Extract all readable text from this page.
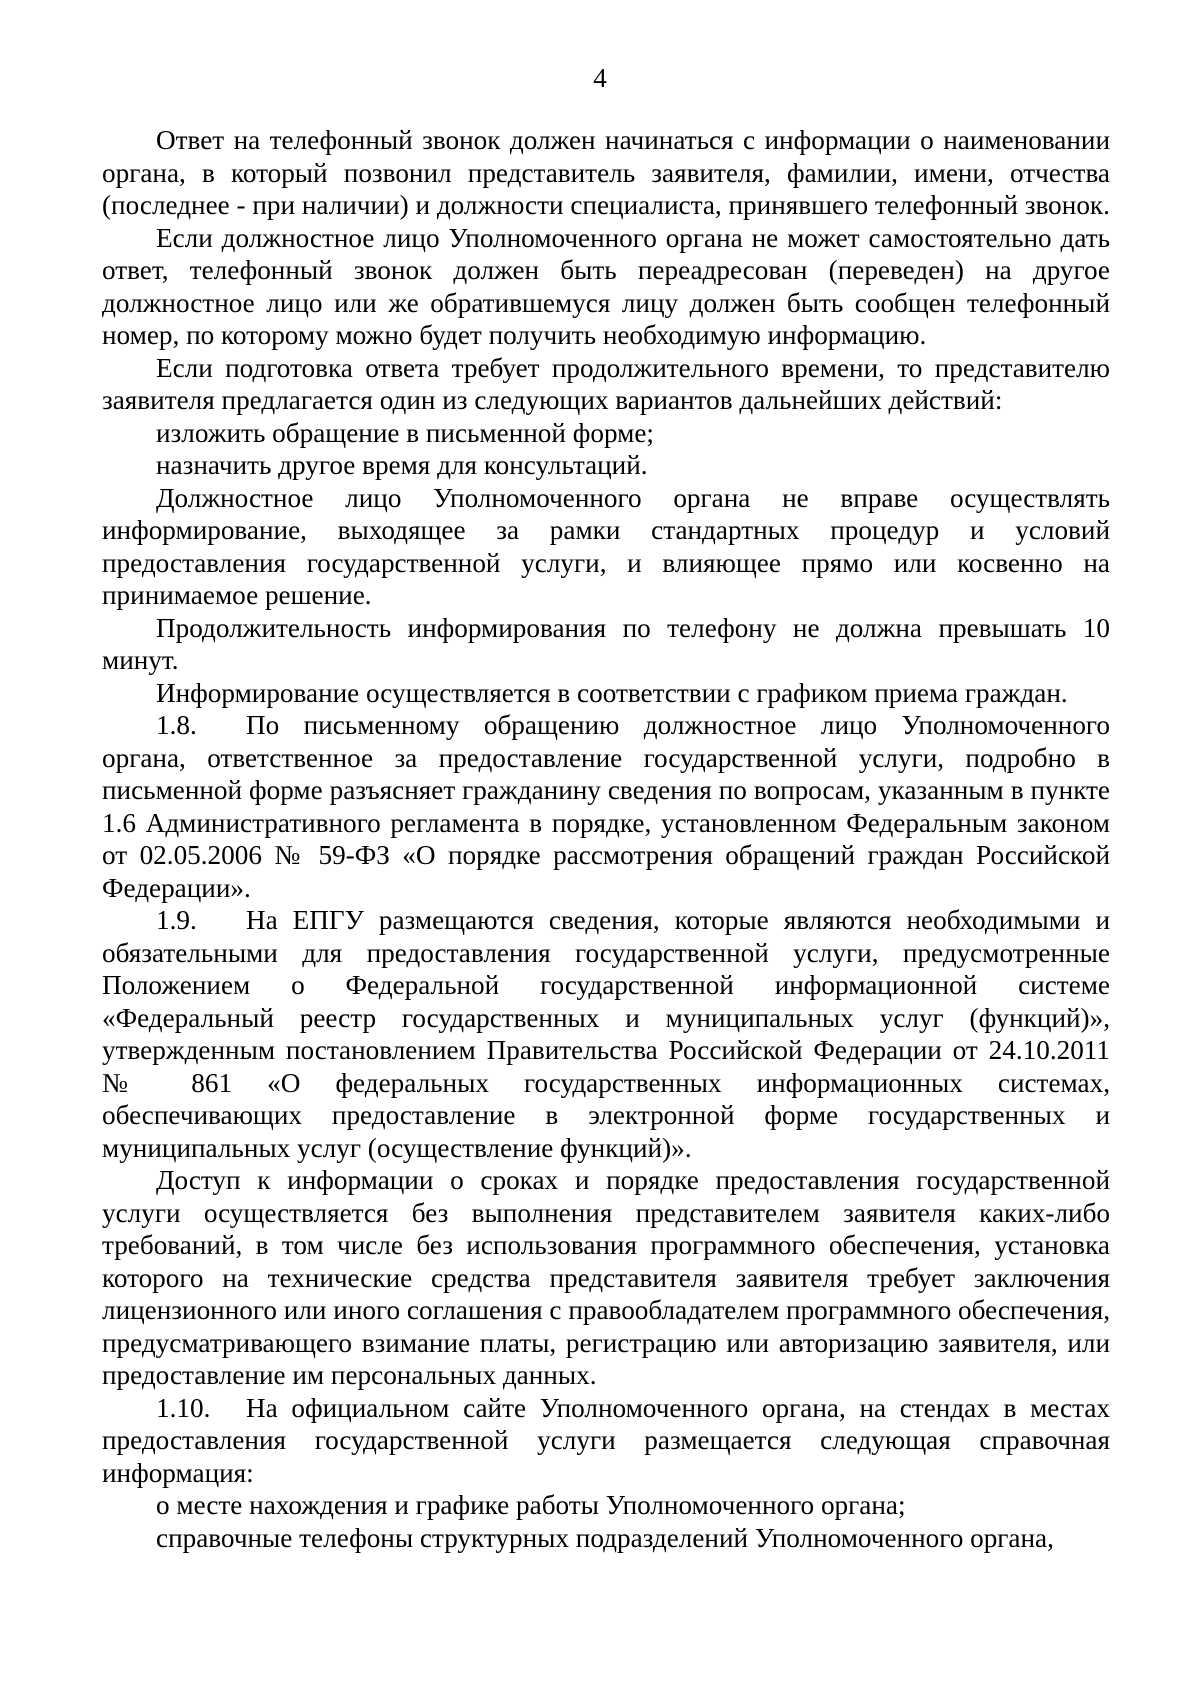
4

Ответ на телефонный звонок должен начинаться с информации о наименовании органа, в который позвонил представитель заявителя, фамилии, имени, отчества (последнее - при наличии) и должности специалиста, принявшего телефонный звонок.

Если должностное лицо Уполномоченного органа не может самостоятельно дать ответ, телефонный звонок должен быть переадресован (переведен) на другое должностное лицо или же обратившемуся лицу должен быть сообщен телефонный номер, по которому можно будет получить необходимую информацию.

Если подготовка ответа требует продолжительного времени, то представителю заявителя предлагается один из следующих вариантов дальнейших действий:

изложить обращение в письменной форме;

назначить другое время для консультаций.

Должностное лицо Уполномоченного органа не вправе осуществлять информирование, выходящее за рамки стандартных процедур и условий предоставления государственной услуги, и влияющее прямо или косвенно на принимаемое решение.

Продолжительность информирования по телефону не должна превышать 10 минут.

Информирование осуществляется в соответствии с графиком приема граждан.

1.8. По письменному обращению должностное лицо Уполномоченного органа, ответственное за предоставление государственной услуги, подробно в письменной форме разъясняет гражданину сведения по вопросам, указанным в пункте 1.6 Административного регламента в порядке, установленном Федеральным законом от 02.05.2006 № 59-ФЗ «О порядке рассмотрения обращений граждан Российской Федерации».

1.9. На ЕПГУ размещаются сведения, которые являются необходимыми и обязательными для предоставления государственной услуги, предусмотренные Положением о Федеральной государственной информационной системе «Федеральный реестр государственных и муниципальных услуг (функций)», утвержденным постановлением Правительства Российской Федерации от 24.10.2011 № 861 «О федеральных государственных информационных системах, обеспечивающих предоставление в электронной форме государственных и муниципальных услуг (осуществление функций)».

Доступ к информации о сроках и порядке предоставления государственной услуги осуществляется без выполнения представителем заявителя каких-либо требований, в том числе без использования программного обеспечения, установка которого на технические средства представителя заявителя требует заключения лицензионного или иного соглашения с правообладателем программного обеспечения, предусматривающего взимание платы, регистрацию или авторизацию заявителя, или предоставление им персональных данных.

1.10. На официальном сайте Уполномоченного органа, на стендах в местах предоставления государственной услуги размещается следующая справочная информация:

о месте нахождения и графике работы Уполномоченного органа;

справочные телефоны структурных подразделений Уполномоченного органа,
